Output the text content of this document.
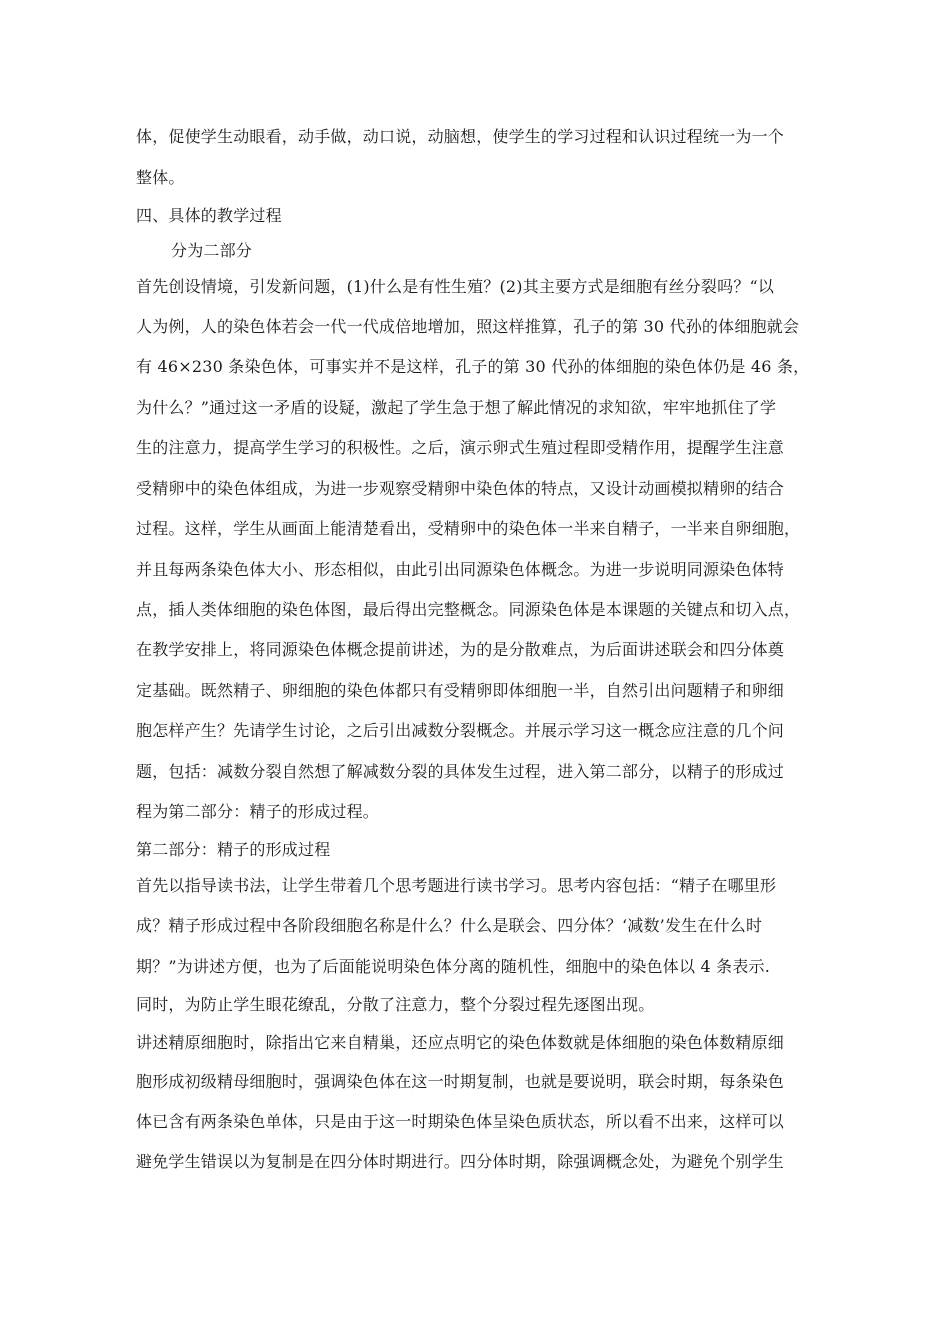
体，促使学生动眼看，动手做，动口说，动脑想，使学生的学习过程和认识过程统一为一个
整体。
四、具体的教学过程
分为二部分
首先创设情境，引发新问题，(1)什么是有性生殖？(2)其主要方式是细胞有丝分裂吗？“以
人为例，人的染色体若会一代一代成倍地增加，照这样推算，孔子的第 30 代孙的体细胞就会
有 46×230 条染色体，可事实并不是这样，孔子的第 30 代孙的体细胞的染色体仍是 46 条，
为什么？”通过这一矛盾的设疑，激起了学生急于想了解此情况的求知欲，牢牢地抓住了学
生的注意力，提高学生学习的积极性。之后，演示卵式生殖过程即受精作用，提醒学生注意
受精卵中的染色体组成，为进一步观察受精卵中染色体的特点，又设计动画模拟精卵的结合
过程。这样，学生从画面上能清楚看出，受精卵中的染色体一半来自精子，一半来自卵细胞，
并且每两条染色体大小、形态相似，由此引出同源染色体概念。为进一步说明同源染色体特
点，插人类体细胞的染色体图，最后得出完整概念。同源染色体是本课题的关键点和切入点，
在教学安排上，将同源染色体概念提前讲述，为的是分散难点，为后面讲述联会和四分体奠
定基础。既然精子、卵细胞的染色体都只有受精卵即体细胞一半，自然引出问题精子和卵细
胞怎样产生？先请学生讨论，之后引出减数分裂概念。并展示学习这一概念应注意的几个问
题，包括：减数分裂自然想了解减数分裂的具体发生过程，进入第二部分，以精子的形成过
程为第二部分：精子的形成过程。
第二部分：精子的形成过程
首先以指导读书法，让学生带着几个思考题进行读书学习。思考内容包括：“精子在哪里形
成？精子形成过程中各阶段细胞名称是什么？什么是联会、四分体？‘减数’发生在什么时
期？”为讲述方便，也为了后面能说明染色体分离的随机性，细胞中的染色体以 4 条表示.
同时，为防止学生眼花缭乱，分散了注意力，整个分裂过程先逐图出现。
讲述精原细胞时，除指出它来自精巢，还应点明它的染色体数就是体细胞的染色体数精原细
胞形成初级精母细胞时，强调染色体在这一时期复制，也就是要说明，联会时期，每条染色
体已含有两条染色单体，只是由于这一时期染色体呈染色质状态，所以看不出来，这样可以
避免学生错误以为复制是在四分体时期进行。四分体时期，除强调概念处，为避免个别学生
